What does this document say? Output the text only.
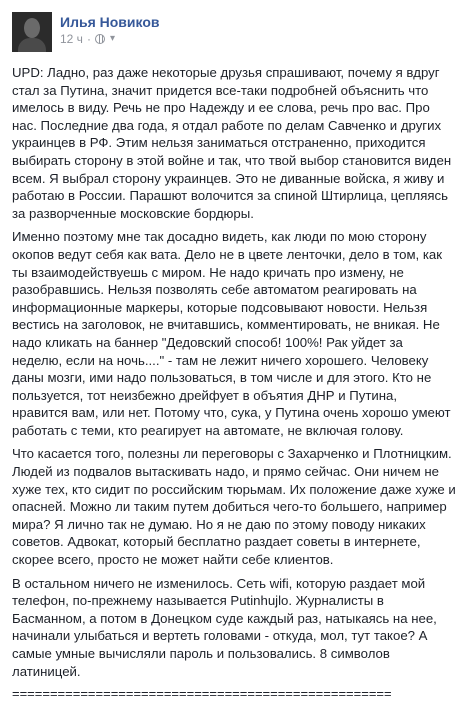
Илья Новиков
12 ч · ▾

UPD: Ладно, раз даже некоторые друзья спрашивают, почему я вдруг стал за Путина, значит придется все-таки подробней объяснить что имелось в виду. Речь не про Надежду и ее слова, речь про вас. Про нас. Последние два года, я отдал работе по делам Савченко и других украинцев в РФ. Этим нельзя заниматься отстраненно, приходится выбирать сторону в этой войне и так, что твой выбор становится виден всем. Я выбрал сторону украинцев. Это не диванные войска, я живу и работаю в России. Парашют волочится за спиной Штирлица, цепляясь за разворченные московские бордюры.

Именно поэтому мне так досадно видеть, как люди по мою сторону окопов ведут себя как вата. Дело не в цвете ленточки, дело в том, как ты взаимодействуешь с миром. Не надо кричать про измену, не разобравшись. Нельзя позволять себе автоматом реагировать на информационные маркеры, которые подсовывают новости. Нельзя вестись на заголовок, не вчитавшись, комментировать, не вникая. Не надо кликать на баннер "Дедовский способ! 100%! Рак уйдет за неделю, если на ночь...." - там не лежит ничего хорошего. Человеку даны мозги, ими надо пользоваться, в том числе и для этого. Кто не пользуется, тот неизбежно дрейфует в объятия ДНР и Путина, нравится вам, или нет. Потому что, сука, у Путина очень хорошо умеют работать с теми, кто реагирует на автомате, не включая голову.

Что касается того, полезны ли переговоры с Захарченко и Плотницким. Людей из подвалов вытаскивать надо, и прямо сейчас. Они ничем не хуже тех, кто сидит по российским тюрьмам. Их положение даже хуже и опасней. Можно ли таким путем добиться чего-то большего, например мира? Я лично так не думаю. Но я не даю по этому поводу никаких советов. Адвокат, который бесплатно раздает советы в интернете, скорее всего, просто не может найти себе клиентов.

В остальном ничего не изменилось. Сеть wifi, которую раздает мой телефон, по-прежнему называется Putinhujlo. Журналисты в Басманном, а потом в Донецком суде каждый раз, натыкаясь на нее, начинали улыбаться и вертеть головами - откуда, мол, тут такое? А самые умные вычисляли пароль и пользовались. 8 символов латиницей.

==================================================
